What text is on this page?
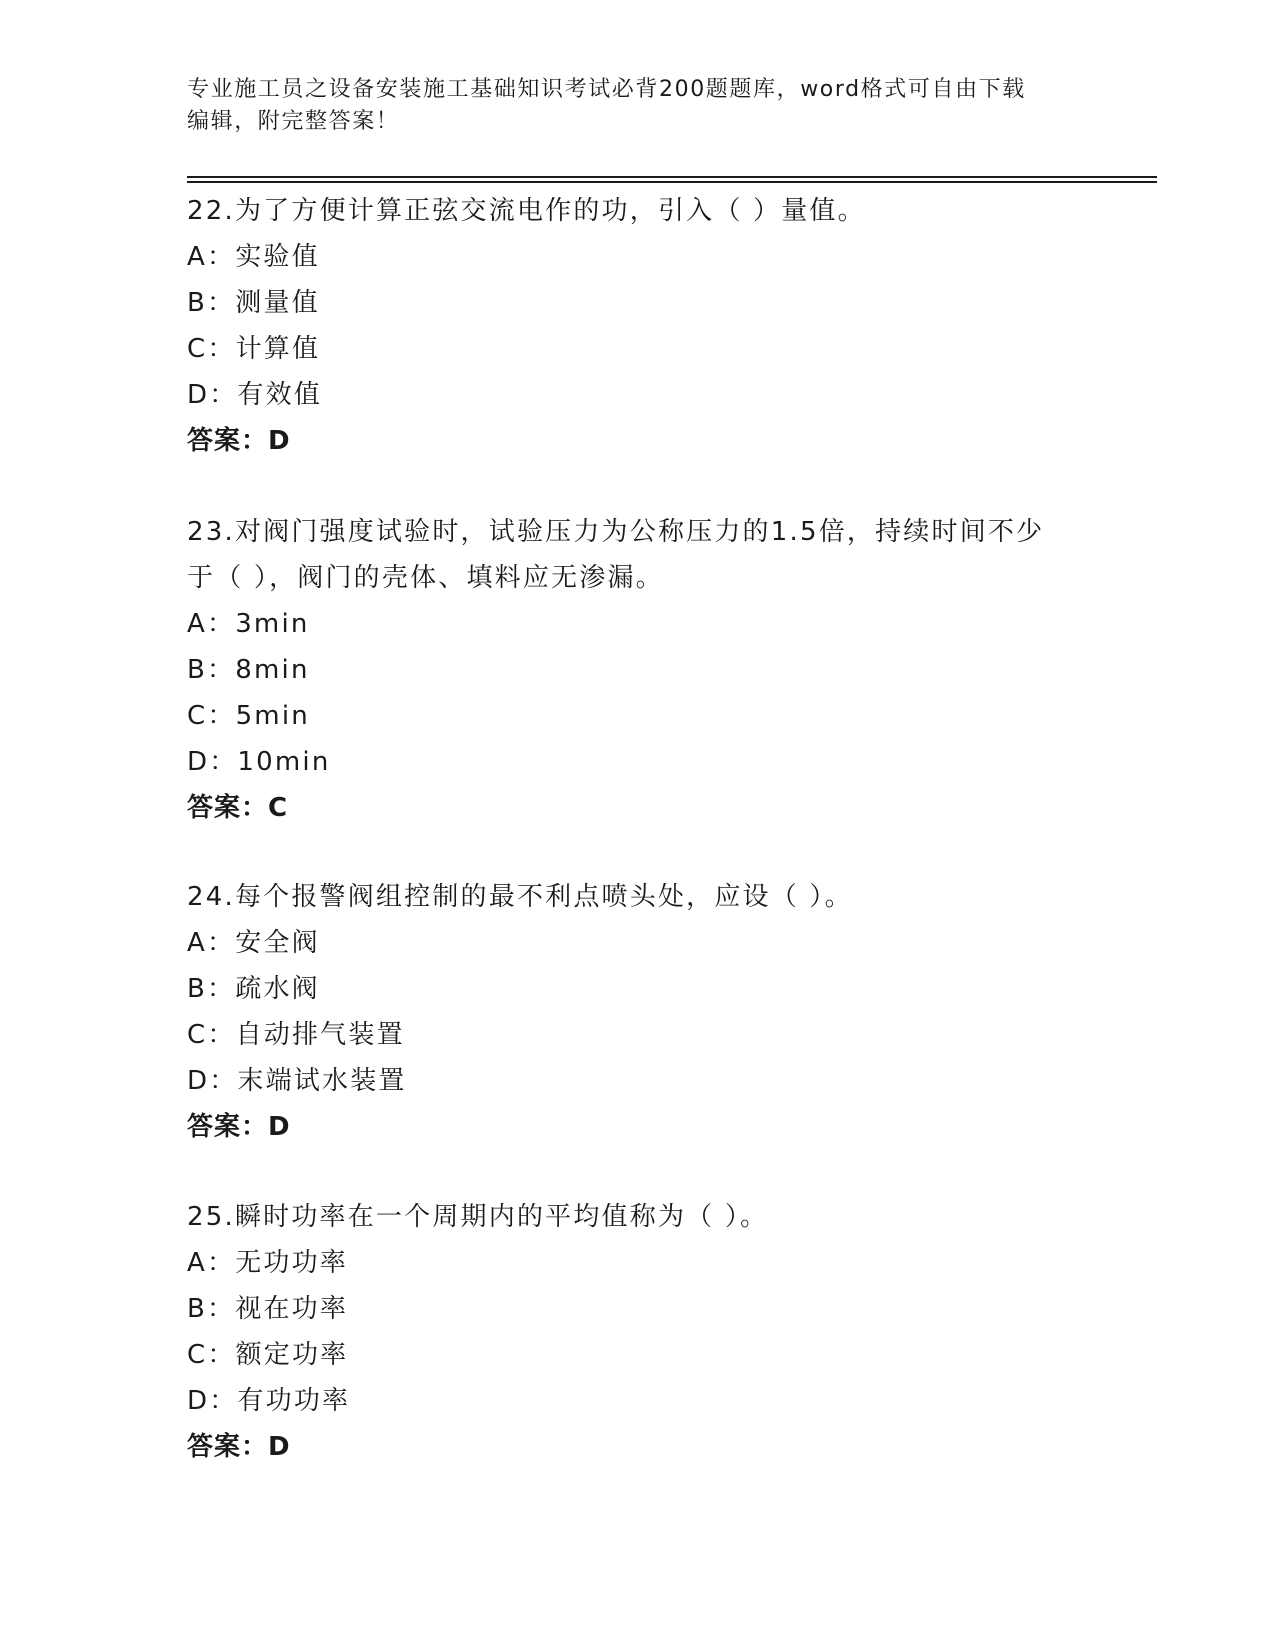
专业施工员之设备安装施工基础知识考试必背200题题库，word格式可自由下载
编辑，附完整答案！
22.为了方便计算正弦交流电作的功，引入（ ）量值。
A：实验值
B：测量值
C：计算值
D：有效值
答案：D
23.对阀门强度试验时，试验压力为公称压力的1.5倍，持续时间不少
于（ ），阀门的壳体、填料应无渗漏。
A：3min
B：8min
C：5min
D：10min
答案：C
24.每个报警阀组控制的最不利点喷头处，应设（ ）。
A：安全阀
B：疏水阀
C：自动排气装置
D：末端试水装置
答案：D
25.瞬时功率在一个周期内的平均值称为（ ）。
A：无功功率
B：视在功率
C：额定功率
D：有功功率
答案：D
